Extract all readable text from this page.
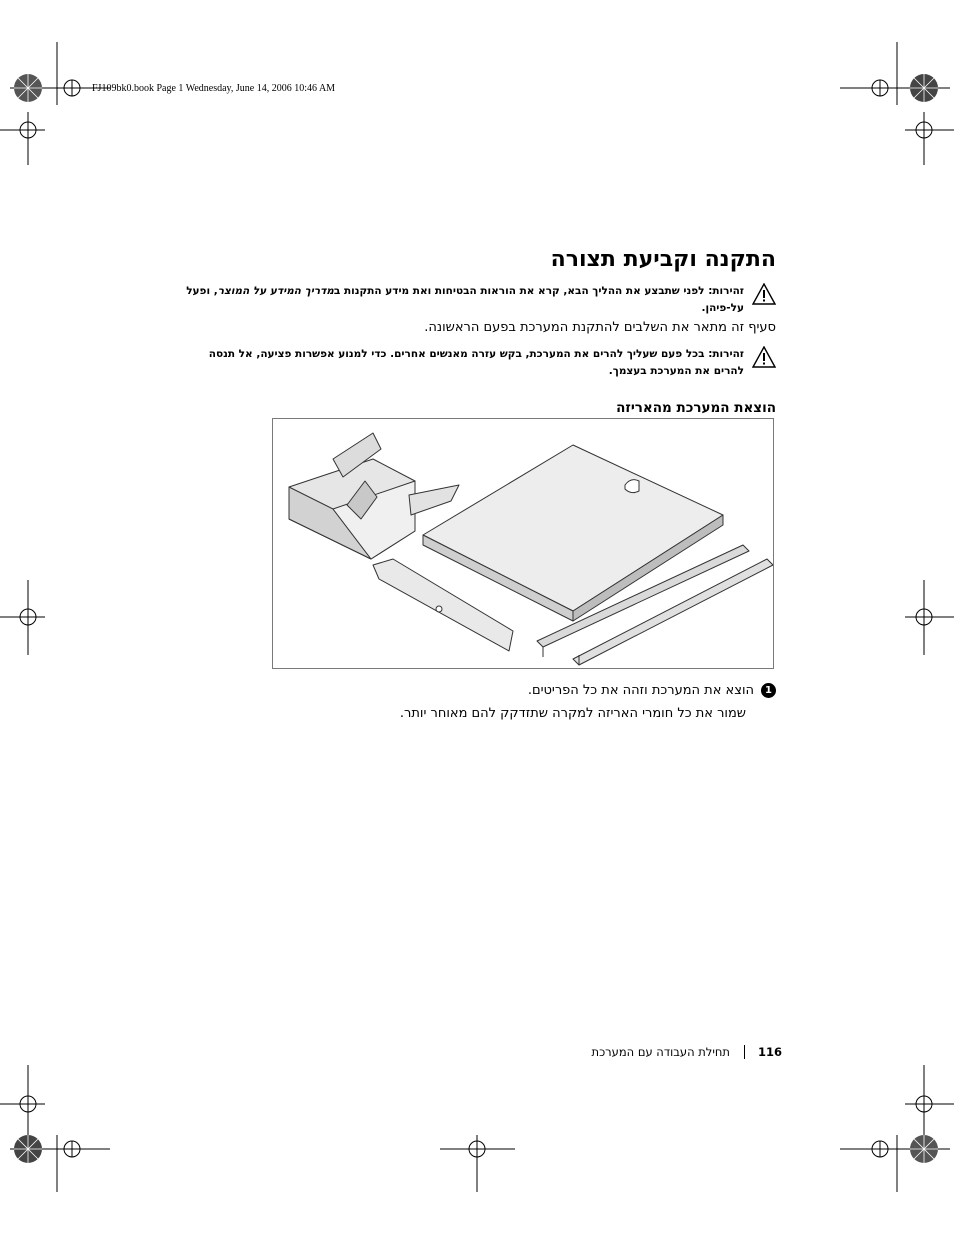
FJ109bk0.book Page 1 Wednesday, June 14, 2006 10:46 AM
התקנה וקביעת תצורה
זהירות: לפני שתבצע את ההליך הבא, קרא את הוראות הבטיחות ואת מידע התקנות במדריך המידע על המוצר, ופעל על-פיהן.
סעיף זה מתאר את השלבים להתקנת המערכת בפעם הראשונה.
זהירות: בכל פעם שעליך להרים את המערכת, בקש עזרה מאנשים אחרים. כדי למנוע אפשרות פציעה, אל תנסה להרים את המערכת בעצמך.
הוצאת המערכת מהאריזה
1
הוצא את המערכת וזהה את כל הפריטים.
שמור את כל חומרי האריזה למקרה שתזדקק להם מאוחר יותר.
116
תחילת העבודה עם המערכת
